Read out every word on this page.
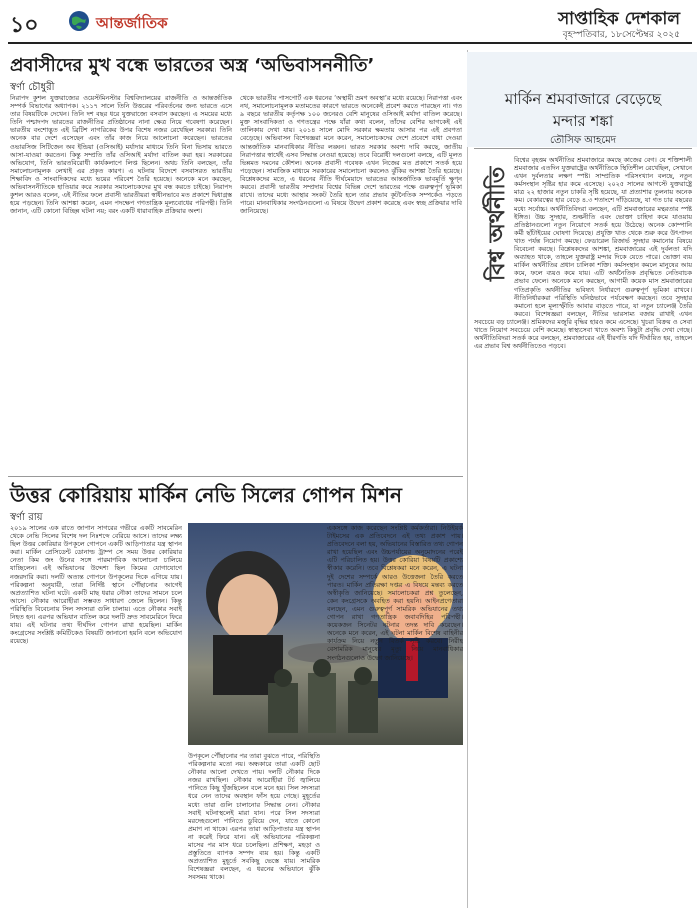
১০	আন্তর্জাতিক	সাপ্তাহিক দেশকাল
বৃহস্পতিবার, ১৮সেপ্টেম্বর ২০২৫
প্রবাসীদের মুখ বন্ধে ভারতের অস্ত্র ‘অভিবাসননীতি’
স্বর্ণা চৌধুরী
নিরাপদ কুশল যুক্তরাজ্যের ওয়েস্টমিনস্টার বিশ্ববিদ্যালয়ের রাজনীতি ও আন্তর্জাতিক সম্পর্ক বিভাগের অধ্যাপক। ২১১৭ সালে তিনি উত্তরের পরিবর্তনের জন্য ভারতে এসে তার বিষয়টিকে দেখেন। তিনি দশ বছর ধরে যুক্তরাজ্যে বসবাস করছেন। এ সময়ের মধ্যে তিনি পশ্চাদপদ ভারতের রাজনীতির প্রতিষ্ঠানের নানা ক্ষেত্র নিয়ে গবেষণা করেছেন। ভারতীয় বংশোদ্ভূত এই ব্রিটিশ নাগরিকের উপর বিশেষ নজর রেখেছিল সরকার। তিনি অনেক বার দেশে এসেছেন এবং তাঁর কাজ নিয়ে আলোচনা করেছেন। ভারতের ওভারসিজ সিটিজেন অব ইন্ডিয়া (ওসিআই) মর্যাদার মাধ্যমে তিনি বিনা ভিসায় ভারতে আসা-যাওয়া করতেন। কিন্তু সম্প্রতি তাঁর ওসিআই মর্যাদা বাতিল করা হয়। সরকারের অভিযোগ, তিনি ভারতবিরোধী কার্যকলাপে লিপ্ত ছিলেন। অথচ তিনি বলছেন, তাঁর সমালোচনামূলক লেখাই এর প্রকৃত কারণ। এ ঘটনায় বিদেশে বসবাসরত ভারতীয় শিক্ষাবিদ ও সাংবাদিকদের মধ্যে ভয়ের পরিবেশ তৈরি হয়েছে। অনেকে মনে করছেন, অভিবাসননীতিকে হাতিয়ার করে সরকার সমালোচকদের মুখ বন্ধ করতে চাইছে। নিরাপদ কুশল আরও বলেন, এই নীতির ফলে প্রবাসী ভারতীয়রা স্বাধীনভাবে মত প্রকাশে দ্বিধাগ্রস্ত হয়ে পড়ছেন। তিনি আশঙ্কা করেন, এমন পদক্ষেপ গণতান্ত্রিক মূল্যবোধের পরিপন্থী। তিনি জানান, এটি কোনো বিচ্ছিন্ন ঘটনা নয়; বরং একটি ধারাবাহিক প্রক্রিয়ার অংশ।
থেকে ভারতীয় পাসপোর্ট এক ধরনের ‘অস্থায়ী ভ্রমণ অবস্থা’র মধ্যে রয়েছে। নিরাপত্তা এবং নথ, সমালোচনামূলক মতামতের কারণে ভারতে অনেকেই প্রবেশ করতে পারছেন না। গত ৯ বছরে ভারতীয় কর্তৃপক্ষ ১০০ জনেরও বেশি মানুষের ওসিআই মর্যাদা বাতিল করেছে। মুক্ত সাংবাদিকতা ও গণতন্ত্রের পক্ষে যাঁরা কথা বলেন, তাঁদের বেশির ভাগকেই এই তালিকায় দেখা যায়। ২০১৪ সালে মোদি সরকার ক্ষমতায় আসার পর এই প্রবণতা বেড়েছে। অভিবাসন বিশেষজ্ঞরা মনে করেন, সমালোচকদের দেশে প্রবেশে বাধা দেওয়া আন্তর্জাতিক মানবাধিকার নীতির লঙ্ঘন। ভারত সরকার অবশ্য দাবি করছে, জাতীয় নিরাপত্তার স্বার্থেই এসব সিদ্ধান্ত নেওয়া হয়েছে। তবে বিরোধী দলগুলো বলছে, এটি মূলত ভিন্নমত দমনের কৌশল। অনেক প্রবাসী গবেষক এখন নিজের মত প্রকাশে সতর্ক হয়ে পড়েছেন। সামাজিক মাধ্যমে সরকারের সমালোচনা করলেও ঝুঁকির আশঙ্কা তৈরি হয়েছে। বিশ্লেষকদের মতে, এ ধরনের নীতি দীর্ঘমেয়াদে ভারতের আন্তর্জাতিক ভাবমূর্তি ক্ষুণ্ন করবে। প্রবাসী ভারতীয় সম্প্রদায় বিশ্বের বিভিন্ন দেশে ভারতের পক্ষে গুরুত্বপূর্ণ ভূমিকা রাখে। তাদের মধ্যে আস্থার সংকট তৈরি হলে তার প্রভাব কূটনৈতিক সম্পর্কেও পড়তে পারে। মানবাধিকার সংগঠনগুলো এ বিষয়ে উদ্বেগ প্রকাশ করেছে এবং স্বচ্ছ প্রক্রিয়ার দাবি জানিয়েছে।
উত্তর কোরিয়ায় মার্কিন নেভি সিলের গোপন মিশন
স্বর্ণা রায়
২০১৯ সালের এক রাতে জাপান সাগরের গভীরে একটি সাবমেরিন থেকে নেভি সিলের বিশেষ দল নিঃশব্দে বেরিয়ে আসে। তাদের লক্ষ্য ছিল উত্তর কোরিয়ার উপকূলে গোপনে একটি আড়িপাতার যন্ত্র স্থাপন করা। মার্কিন প্রেসিডেন্ট ডোনাল্ড ট্রাম্প সে সময় উত্তর কোরিয়ার নেতা কিম জং উনের সঙ্গে পারমাণবিক আলোচনা চালিয়ে যাচ্ছিলেন। এই অভিযানের উদ্দেশ্য ছিল কিমের যোগাযোগে নজরদারি করা। দলটি অত্যন্ত গোপনে উপকূলের দিকে এগিয়ে যায়। পরিকল্পনা অনুযায়ী, তারা নির্দিষ্ট স্থানে পৌঁছানোর আগেই অপ্রত্যাশিত ঘটনা ঘটে। একটি মাছ ধরার নৌকা তাদের সামনে চলে আসে। নৌকার আরোহীরা সম্ভবত সাধারণ জেলে ছিলেন। কিন্তু পরিস্থিতি বিবেচনায় সিল সদস্যরা গুলি চালায়। এতে নৌকার সবাই নিহত হন। এরপর অভিযান বাতিল করে দলটি দ্রুত সাবমেরিনে ফিরে যায়। এই ঘটনার তথ্য দীর্ঘদিন গোপন রাখা হয়েছিল। মার্কিন কংগ্রেসের সংশ্লিষ্ট কমিটিকেও বিষয়টি জানানো হয়নি বলে অভিযোগ রয়েছে।
উপকূলে পৌঁছানোর পর তারা বুঝতে পারে, পরিস্থিতি পরিকল্পনার মতো নয়। অন্ধকারে তারা একটি ছোট নৌকার আলো দেখতে পায়। দলটি নৌকার দিকে নজর রাখছিল। নৌকার আরোহীরা টর্চ জ্বালিয়ে পানিতে কিছু খুঁজছিলেন বলে মনে হয়। সিল সদস্যরা ধরে নেন তাদের অবস্থান ফাঁস হয়ে গেছে। মুহূর্তের মধ্যে তারা গুলি চালানোর সিদ্ধান্ত নেন। নৌকার সবাই ঘটনাস্থলেই মারা যান। পরে সিল সদস্যরা মরদেহগুলো পানিতে ডুবিয়ে দেন, যাতে কোনো প্রমাণ না থাকে। এরপর তারা আড়িপাতার যন্ত্র স্থাপন না করেই ফিরে যান। এই অভিযানের পরিকল্পনা মাসের পর মাস ধরে চলেছিল। প্রশিক্ষণ, মহড়া ও প্রস্তুতিতে ব্যাপক সম্পদ ব্যয় হয়। কিন্তু একটি অপ্রত্যাশিত মুহূর্তে সবকিছু ভেস্তে যায়। সামরিক বিশেষজ্ঞরা বলছেন, এ ধরনের অভিযানে ঝুঁকি সবসময় থাকে।
একসঙ্গে কাজ করেছেন সংশ্লিষ্ট কর্মকর্তারা। নিউইয়র্ক টাইমসের এক প্রতিবেদনে এই তথ্য প্রকাশ পায়। প্রতিবেদনে বলা হয়, অভিযানের বিস্তারিত তথ্য গোপন রাখা হয়েছিল এবং উচ্চপর্যায়ের অনুমোদনের পরেই এটি পরিচালিত হয়। উত্তর কোরিয়া বিষয়টি প্রকাশ্যে স্বীকার করেনি। তবে বিশ্লেষকরা মনে করেন, এ ঘটনা দুই দেশের সম্পর্কে আরও উত্তেজনা তৈরি করতে পারত। মার্কিন প্রতিরক্ষা দপ্তর এ বিষয়ে মন্তব্য করতে অস্বীকৃতি জানিয়েছে। সমালোচকরা প্রশ্ন তুলেছেন, কেন কংগ্রেসকে অবহিত করা হয়নি। আইনপ্রণেতারা বলছেন, এমন গুরুত্বপূর্ণ সামরিক অভিযানের তথ্য গোপন রাখা গণতান্ত্রিক জবাবদিহির পরিপন্থী। কয়েকজন সিনেটর ঘটনার তদন্ত দাবি করেছেন। অনেকে মনে করেন, এই ঘটনা মার্কিন বিশেষ বাহিনীর কার্যক্রম নিয়ে নতুন বিতর্ক সৃষ্টি করবে। নিরীহ বেসামরিক মানুষের মৃত্যু নিয়ে মানবাধিকার সংগঠনগুলোও উদ্বেগ জানিয়েছে।
মার্কিন শ্রমবাজারে বেড়েছে
মন্দার শঙ্কা
তৌসিফ আহমেদ
বিশ্ব অর্থনীতি
বিশ্বের বৃহত্তম অর্থনীতির শ্রমবাজারে কমছে কাজের বেগ। যে শক্তিশালী শ্রমবাজার এতদিন যুক্তরাষ্ট্রের অর্থনীতিকে স্থিতিশীল রেখেছিল, সেখানে এখন দুর্বলতার লক্ষণ স্পষ্ট। সাম্প্রতিক পরিসংখ্যান বলছে, নতুন কর্মসংস্থান সৃষ্টির হার কমে এসেছে। ২০২৫ সালের আগস্টে যুক্তরাষ্ট্রে মাত্র ২২ হাজার নতুন চাকরি সৃষ্টি হয়েছে, যা প্রত্যাশার তুলনায় অনেক কম। বেকারত্বের হার বেড়ে ৪.৩ শতাংশে দাঁড়িয়েছে, যা গত চার বছরের মধ্যে সর্বোচ্চ। অর্থনীতিবিদরা বলছেন, এটি শ্রমবাজারের মন্থরতার স্পষ্ট ইঙ্গিত। উচ্চ সুদহার, শুল্কনীতি এবং ভোক্তা চাহিদা কমে যাওয়ায় প্রতিষ্ঠানগুলো নতুন নিয়োগে সতর্ক হয়ে উঠেছে। অনেক কোম্পানি কর্মী ছাঁটাইয়ের ঘোষণা দিয়েছে। প্রযুক্তি খাত থেকে শুরু করে উৎপাদন খাত পর্যন্ত নিয়োগ কমছে। ফেডারেল রিজার্ভ সুদহার কমানোর বিষয়ে বিবেচনা করছে। বিশ্লেষকদের আশঙ্কা, শ্রমবাজারের এই দুর্বলতা যদি অব্যাহত থাকে, তাহলে যুক্তরাষ্ট্র মন্দার দিকে যেতে পারে। ভোক্তা ব্যয় মার্কিন অর্থনীতির প্রধান চালিকা শক্তি। কর্মসংস্থান কমলে মানুষের আয় কমে, ফলে ব্যয়ও কমে যায়। এটি অর্থনৈতিক প্রবৃদ্ধিতে নেতিবাচক প্রভাব ফেলে। অনেকে মনে করছেন, আগামী কয়েক মাস শ্রমবাজারের গতিপ্রকৃতি অর্থনীতির ভবিষ্যৎ নির্ধারণে গুরুত্বপূর্ণ ভূমিকা রাখবে। নীতিনির্ধারকরা পরিস্থিতি ঘনিষ্ঠভাবে পর্যবেক্ষণ করছেন। তবে সুদহার কমানো হলে মূল্যস্ফীতি আবার বাড়তে পারে, যা নতুন চ্যালেঞ্জ তৈরি করবে। বিশেষজ্ঞরা বলছেন, নীতির ভারসাম্য বজায় রাখাই এখন সবচেয়ে বড় চ্যালেঞ্জ। শ্রমিকদের মজুরি বৃদ্ধির হারও কমে এসেছে। খুচরা বিক্রয় ও সেবা খাতে নিয়োগ সবচেয়ে বেশি কমেছে। স্বাস্থ্যসেবা খাতে অবশ্য কিছুটা প্রবৃদ্ধি দেখা গেছে। অর্থনীতিবিদরা সতর্ক করে বলছেন, শ্রমবাজারের এই ধীরগতি যদি দীর্ঘায়িত হয়, তাহলে এর প্রভাব বিশ্ব অর্থনীতিতেও পড়বে।
